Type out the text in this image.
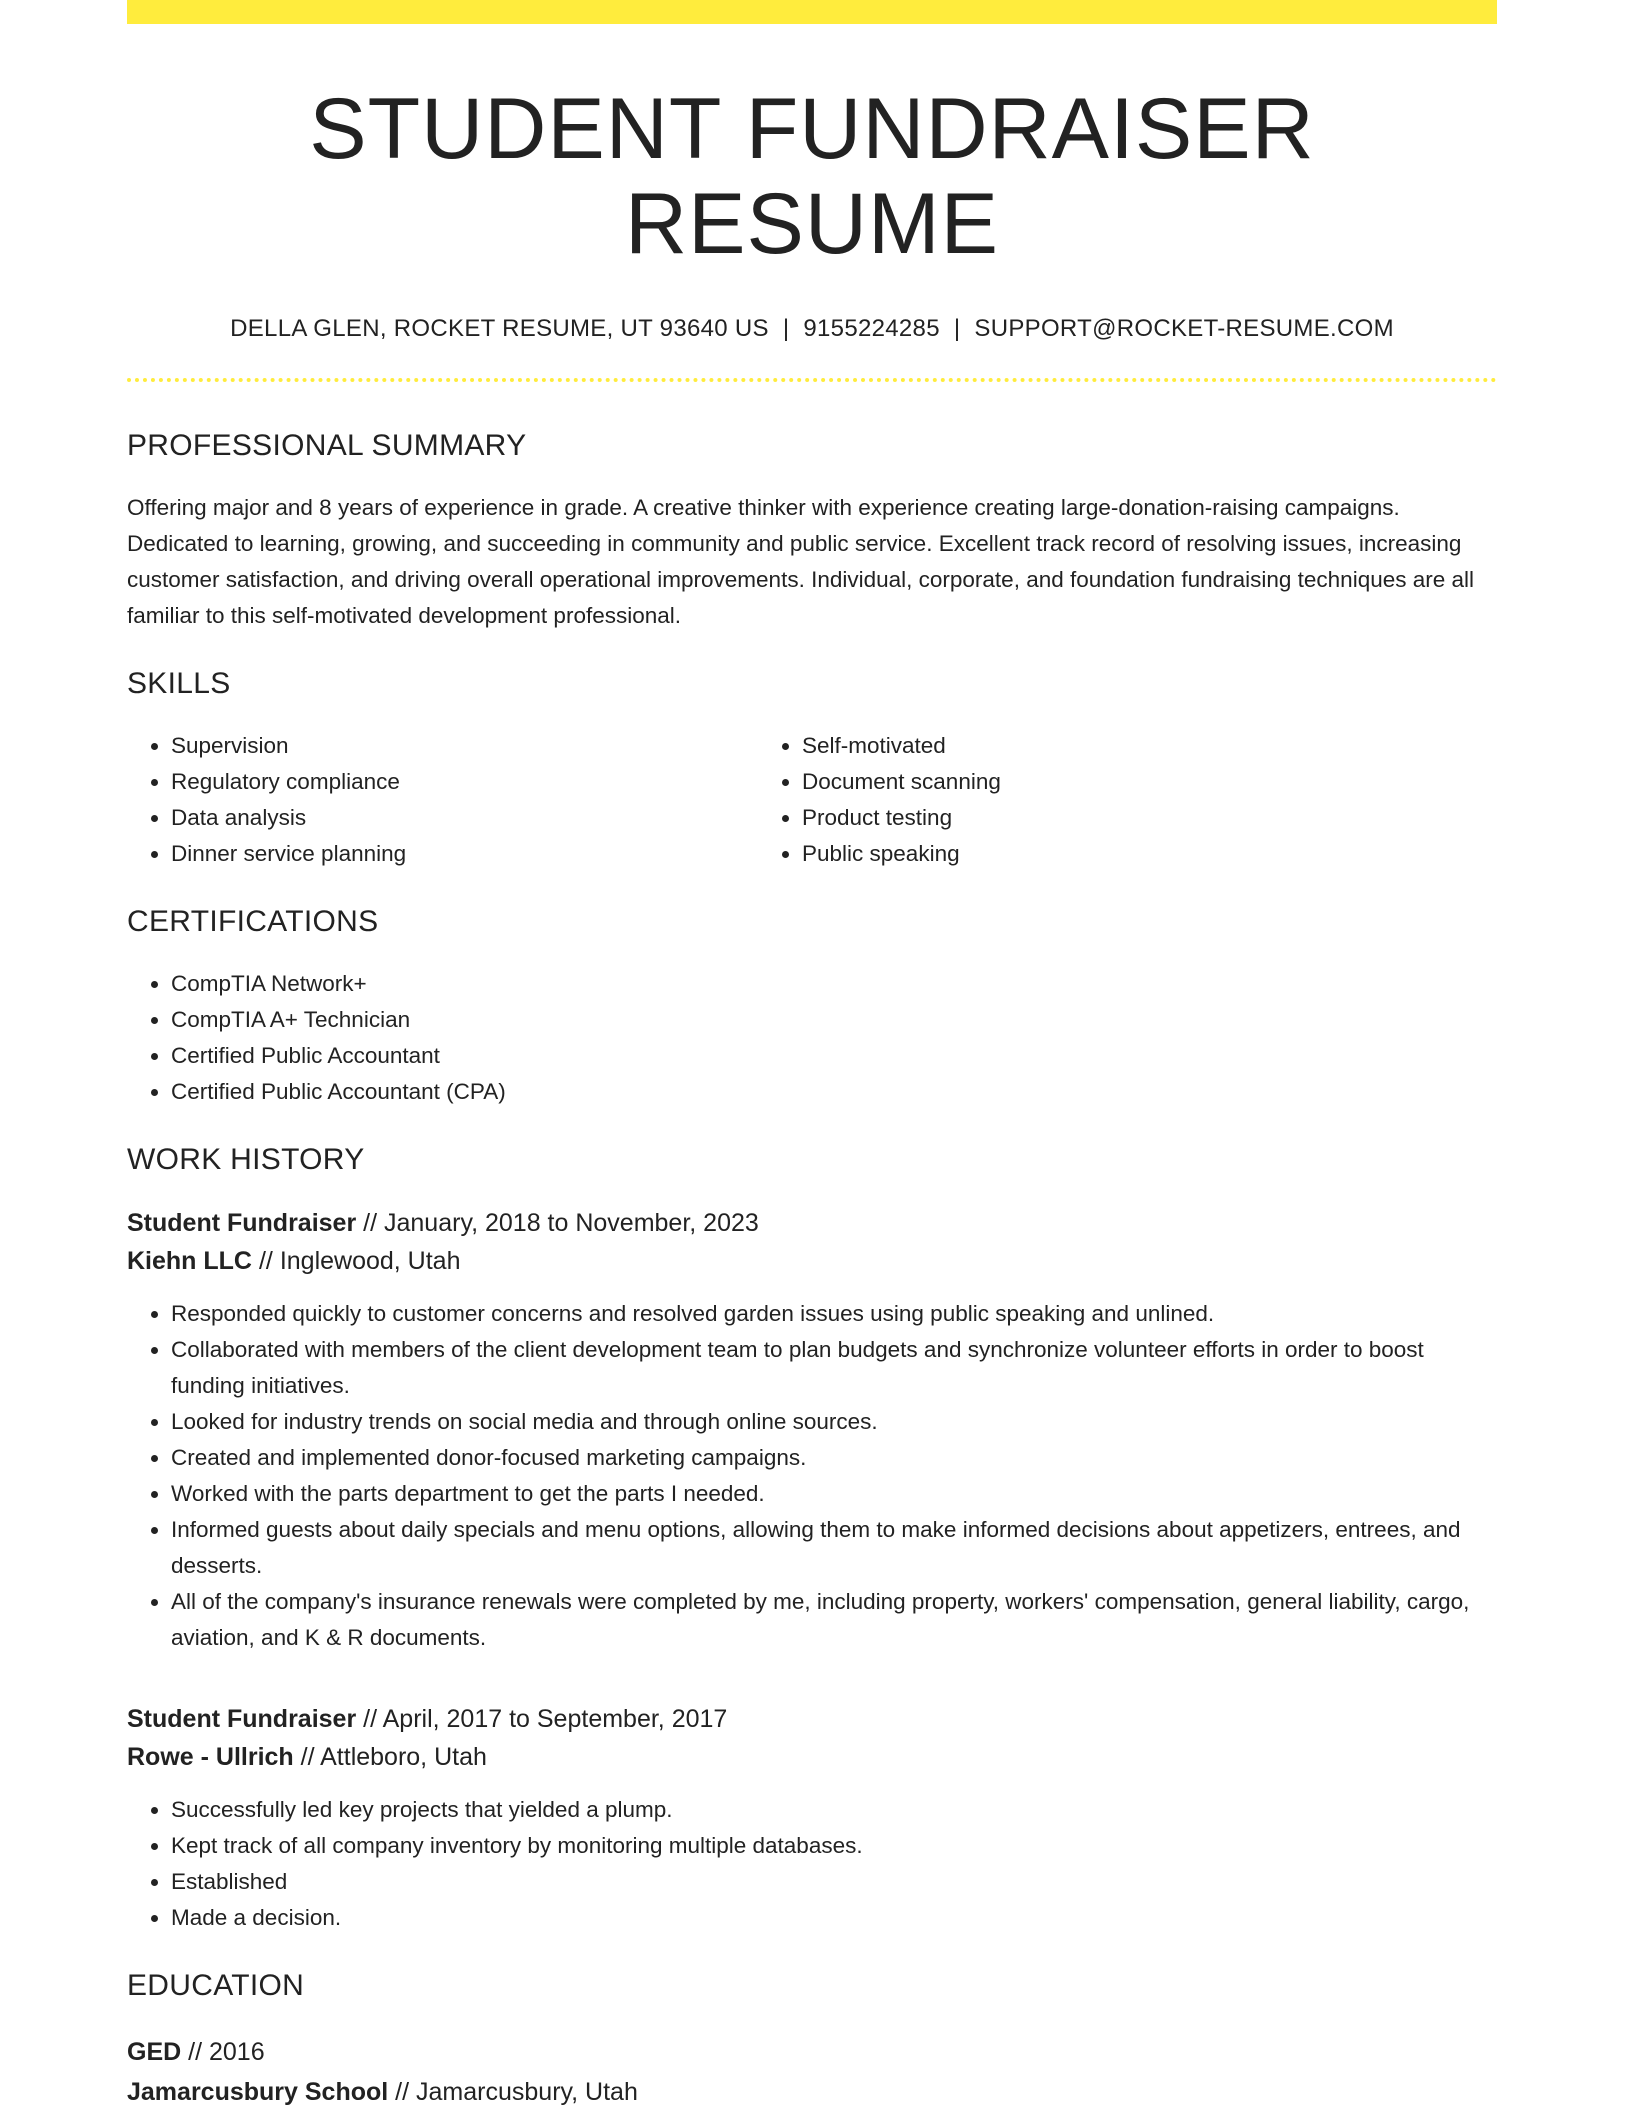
STUDENT FUNDRAISER RESUME
DELLA GLEN, ROCKET RESUME, UT 93640 US | 9155224285 | SUPPORT@ROCKET-RESUME.COM
PROFESSIONAL SUMMARY

Offering major and 8 years of experience in grade. A creative thinker with experience creating large-donation-raising campaigns. Dedicated to learning, growing, and succeeding in community and public service. Excellent track record of resolving issues, increasing customer satisfaction, and driving overall operational improvements. Individual, corporate, and foundation fundraising techniques are all familiar to this self-motivated development professional.

SKILLS
• Supervision
• Regulatory compliance
• Data analysis
• Dinner service planning
• Self-motivated
• Document scanning
• Product testing
• Public speaking
CERTIFICATIONS
• CompTIA Network+
• CompTIA A+ Technician
• Certified Public Accountant
• Certified Public Accountant (CPA)
WORK HISTORY
Student Fundraiser // January, 2018 to November, 2023
Kiehn LLC // Inglewood, Utah
• Responded quickly to customer concerns and resolved garden issues using public speaking and unlined.
• Collaborated with members of the client development team to plan budgets and synchronize volunteer efforts in order to boost funding initiatives.
• Looked for industry trends on social media and through online sources.
• Created and implemented donor-focused marketing campaigns.
• Worked with the parts department to get the parts I needed.
• Informed guests about daily specials and menu options, allowing them to make informed decisions about appetizers, entrees, and desserts.
• All of the company's insurance renewals were completed by me, including property, workers' compensation, general liability, cargo, aviation, and K & R documents.
Student Fundraiser // April, 2017 to September, 2017
Rowe - Ullrich // Attleboro, Utah
• Successfully led key projects that yielded a plump.
• Kept track of all company inventory by monitoring multiple databases.
• Established
• Made a decision.
EDUCATION
GED // 2016
Jamarcusbury School // Jamarcusbury, Utah
